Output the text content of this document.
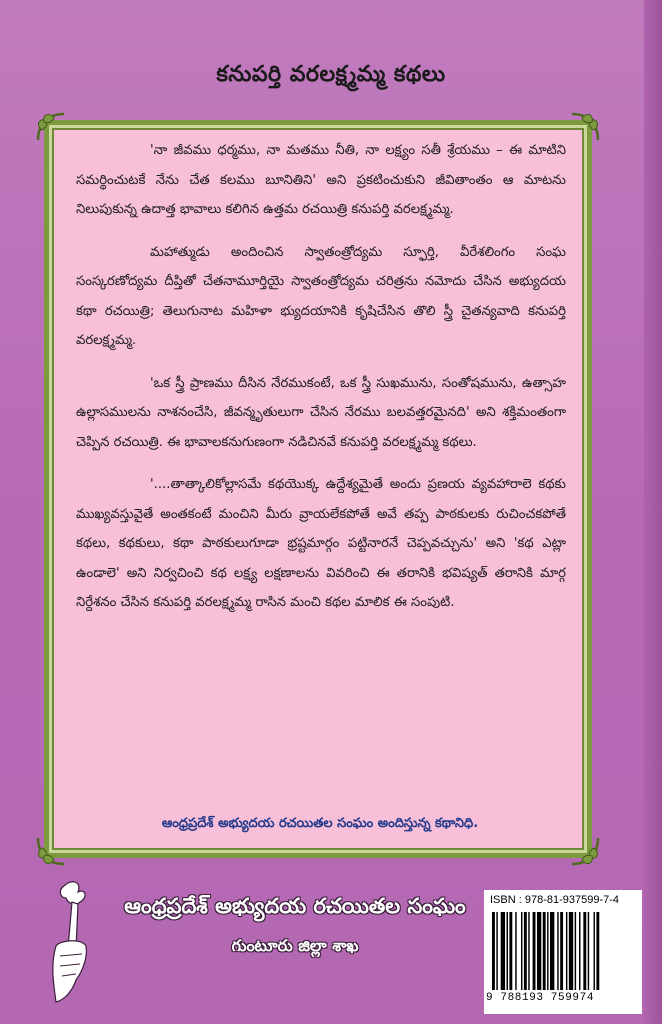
కనుపర్తి వరలక్ష్మమ్మ కథలు

'నా జీవము ధర్మము, నా మతము నీతి, నా లక్ష్యం సతీ శ్రేయము – ఈ మాటిని సమర్థించుటకే నేను చేత కలము బూనితిని' అని ప్రకటించుకుని జీవితాంతం ఆ మాటను నిలుపుకున్న ఉదాత్త భావాలు కలిగిన ఉత్తమ రచయిత్రి కనుపర్తి వరలక్ష్మమ్మ.

మహాత్ముడు అందించిన స్వాతంత్రోద్యమ స్ఫూర్తి, వీరేశలింగం సంఘ సంస్కరణోద్యమ దీప్తితో చేతనామూర్తియై స్వాతంత్రోద్యమ చరిత్రను నమోదు చేసిన అభ్యుదయ కథా రచయిత్రి; తెలుగునాట మహిళా భ్యుదయానికి కృషిచేసిన తొలి స్త్రీ చైతన్యవాది కనుపర్తి వరలక్ష్మమ్మ.

'ఒక స్త్రీ ప్రాణము దీసిన నేరముకంటే, ఒక స్త్రీ సుఖమును, సంతోషమును, ఉత్సాహ ఉల్లాసములను నాశనంచేసి, జీవన్మృతులుగా చేసిన నేరము బలవత్తరమైనది' అని శక్తిమంతంగా చెప్పిన రచయిత్రి. ఈ భావాలకనుగుణంగా నడిచినవే కనుపర్తి వరలక్ష్మమ్మ కథలు.

'....తాత్కాలికోల్లాసమే కథయొక్క ఉద్దేశ్యమైతే అందు ప్రణయ వ్యవహారాలె కథకు ముఖ్యవస్తువైతే అంతకంటే మంచిని మీరు వ్రాయలేకపోతే అవే తప్ప పాఠకులకు రుచించకపోతే కథలు, కథకులు, కథా పాఠకులుగూడా భ్రష్టమార్గం పట్టినారనే చెప్పవచ్చును' అని 'కథ ఎట్లా ఉండాలె' అని నిర్వచించి కథ లక్ష్య లక్షణాలను వివరించి ఈ తరానికి భవిష్యత్ తరానికి మార్గ నిర్దేశనం చేసిన కనుపర్తి వరలక్ష్మమ్మ రాసిన మంచి కథల మాలిక ఈ సంపుటి.

ఆంధ్రప్రదేశ్ అభ్యుదయ రచయితల సంఘం అందిస్తున్న కథానిధి.
ఆంధ్రప్రదేశ్ అభ్యుదయ రచయితల సంఘం
గుంటూరు జిల్లా శాఖ
ISBN : 978-81-937599-7-4
9 788193 759974
